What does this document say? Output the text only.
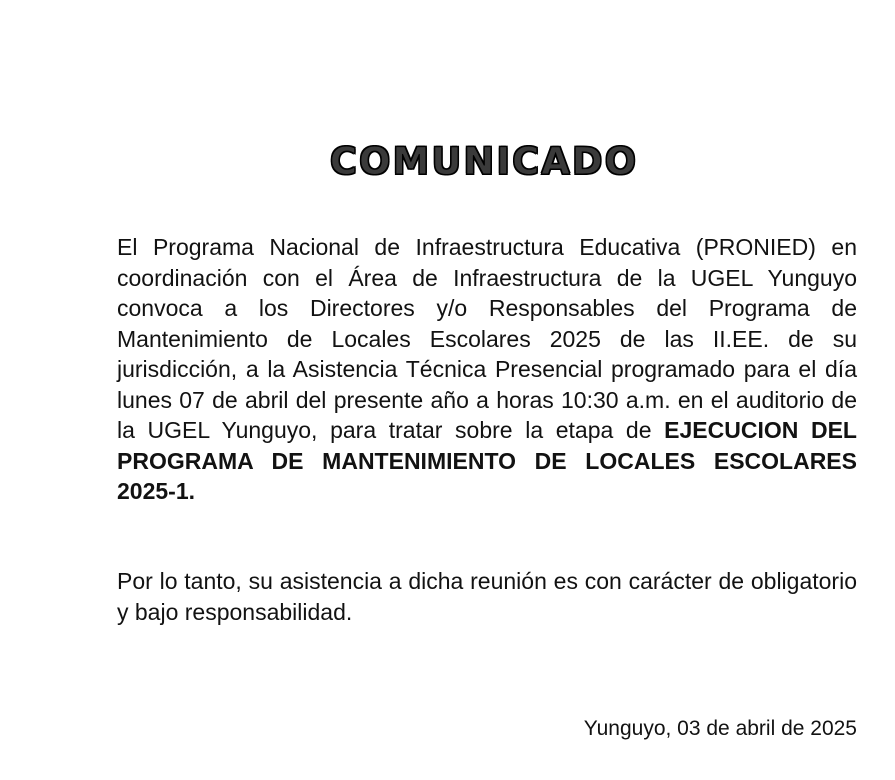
COMUNICADO
El Programa Nacional de Infraestructura Educativa (PRONIED) en coordinación con el Área de Infraestructura de la UGEL Yunguyo convoca a los Directores y/o Responsables del Programa de Mantenimiento de Locales Escolares 2025 de las II.EE. de su jurisdicción, a la Asistencia Técnica Presencial programado para el día lunes 07 de abril del presente año a horas 10:30 a.m. en el auditorio de la UGEL Yunguyo, para tratar sobre la etapa de EJECUCION DEL PROGRAMA DE MANTENIMIENTO DE LOCALES ESCOLARES 2025-1.
Por lo tanto, su asistencia a dicha reunión es con carácter de obligatorio y bajo responsabilidad.
Yunguyo, 03 de abril de 2025
